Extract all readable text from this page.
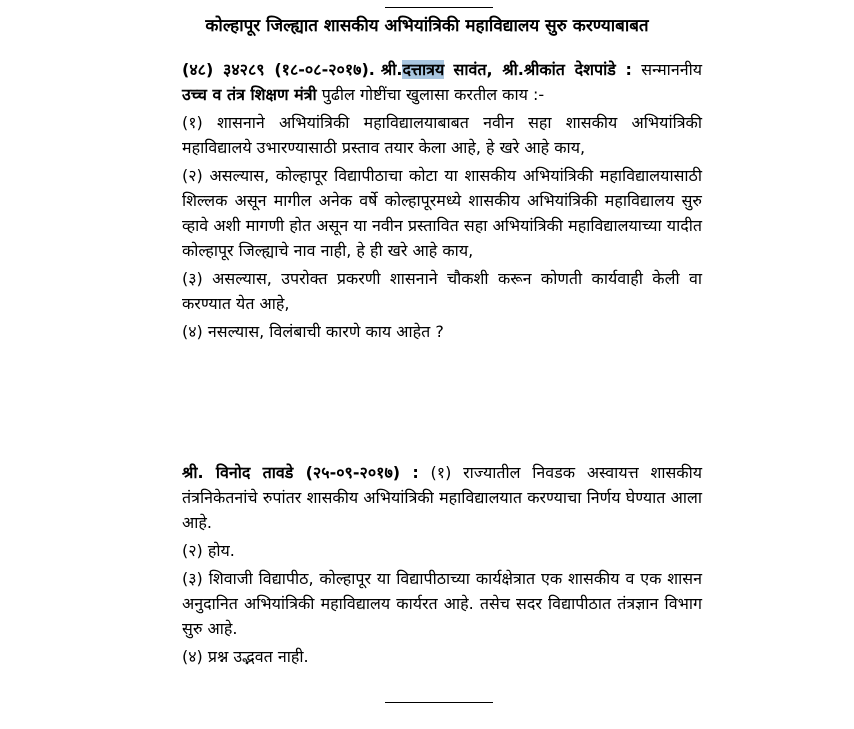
कोल्हापूर जिल्ह्यात शासकीय अभियांत्रिकी महाविद्यालय सुरु करण्याबाबत

(४८) ३४२८९ (१८-०८-२०१७). श्री.दत्तात्रय सावंत, श्री.श्रीकांत देशपांडे : सन्माननीय उच्च व तंत्र शिक्षण मंत्री पुढील गोष्टींचा खुलासा करतील काय :-

(१) शासनाने अभियांत्रिकी महाविद्यालयाबाबत नवीन सहा शासकीय अभियांत्रिकी महाविद्यालये उभारण्यासाठी प्रस्ताव तयार केला आहे, हे खरे आहे काय,

(२) असल्यास, कोल्हापूर विद्यापीठाचा कोटा या शासकीय अभियांत्रिकी महाविद्यालयासाठी शिल्लक असून मागील अनेक वर्षे कोल्हापूरमध्ये शासकीय अभियांत्रिकी महाविद्यालय सुरु व्हावे अशी मागणी होत असून या नवीन प्रस्तावित सहा अभियांत्रिकी महाविद्यालयाच्या यादीत कोल्हापूर जिल्ह्याचे नाव नाही, हे ही खरे आहे काय,

(३) असल्यास, उपरोक्त प्रकरणी शासनाने चौकशी करून कोणती कार्यवाही केली वा करण्यात येत आहे,

(४) नसल्यास, विलंबाची कारणे काय आहेत ?

श्री. विनोद तावडे (२५-०९-२०१७) : (१) राज्यातील निवडक अस्वायत्त शासकीय तंत्रनिकेतनांचे रुपांतर शासकीय अभियांत्रिकी महाविद्यालयात करण्याचा निर्णय घेण्यात आला आहे.

(२) होय.

(३) शिवाजी विद्यापीठ, कोल्हापूर या विद्यापीठाच्या कार्यक्षेत्रात एक शासकीय व एक शासन अनुदानित अभियांत्रिकी महाविद्यालय कार्यरत आहे. तसेच सदर विद्यापीठात तंत्रज्ञान विभाग सुरु आहे.

(४) प्रश्न उद्भवत नाही.
